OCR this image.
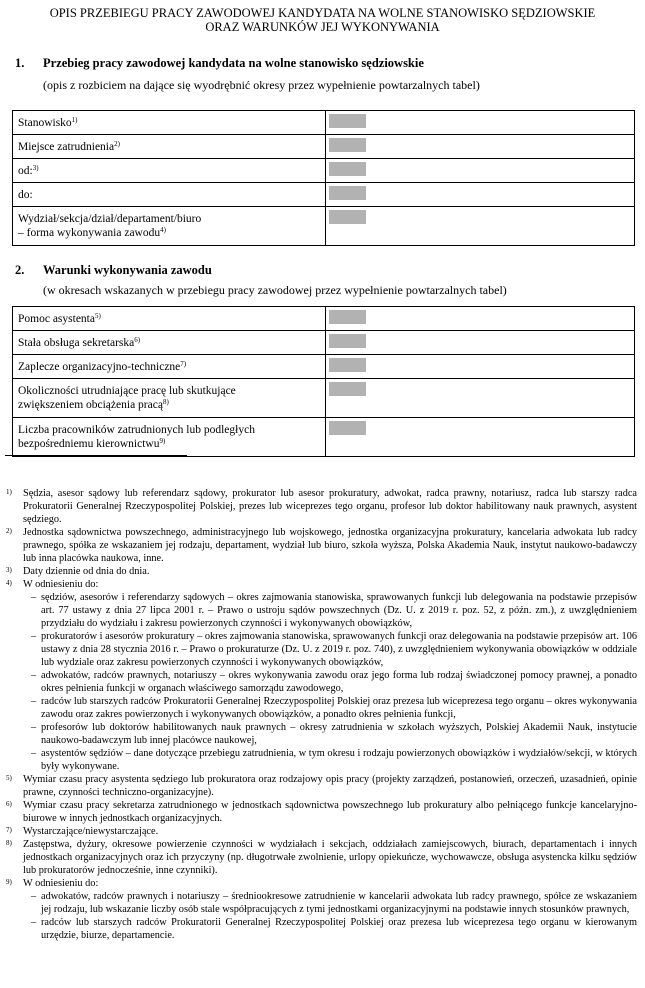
OPIS PRZEBIEGU PRACY ZAWODOWEJ KANDYDATA NA WOLNE STANOWISKO SĘDZIOWSKIE
ORAZ WARUNKÓW JEJ WYKONYWANIA
1. Przebieg pracy zawodowej kandydata na wolne stanowisko sędziowskie
(opis z rozbiciem na dające się wyodrębnić okresy przez wypełnienie powtarzalnych tabel)
Stanowisko$^{1)}$	

Miejsce zatrudnienia$^{2)}$	

od:$^{3)}$	

do:	

Wydział/sekcja/dział/departament/biuro
– forma wykonywania zawodu$^{4)}$	
2. Warunki wykonywania zawodu
(w okresach wskazanych w przebiegu pracy zawodowej przez wypełnienie powtarzalnych tabel)
Pomoc asystenta$^{5)}$	

Stała obsługa sekretarska$^{6)}$	

Zaplecze organizacyjno-techniczne$^{7)}$	

Okoliczności utrudniające pracę lub skutkujące
zwiększeniem obciążenia pracą$^{8)}$	

Liczba pracowników zatrudnionych lub podległych
bezpośredniemu kierownictwu$^{9)}$	
1) Sędzia, asesor sądowy lub referendarz sądowy, prokurator lub asesor prokuratury, adwokat, radca prawny, notariusz, radca lub starszy radca Prokuratorii Generalnej Rzeczypospolitej Polskiej, prezes lub wiceprezes tego organu, profesor lub doktor habilitowany nauk prawnych, asystent sędziego.
2) Jednostka sądownictwa powszechnego, administracyjnego lub wojskowego, jednostka organizacyjna prokuratury, kancelaria adwokata lub radcy prawnego, spółka ze wskazaniem jej rodzaju, departament, wydział lub biuro, szkoła wyższa, Polska Akademia Nauk, instytut naukowo-badawczy lub inna placówka naukowa, inne.
3) Daty dziennie od dnia do dnia.
4) W odniesieniu do:
– sędziów, asesorów i referendarzy sądowych – okres zajmowania stanowiska, sprawowanych funkcji lub delegowania na podstawie przepisów art. 77 ustawy z dnia 27 lipca 2001 r. – Prawo o ustroju sądów powszechnych (Dz. U. z 2019 r. poz. 52, z późn. zm.), z uwzględnieniem przydziału do wydziału i zakresu powierzonych czynności i wykonywanych obowiązków,
– prokuratorów i asesorów prokuratury – okres zajmowania stanowiska, sprawowanych funkcji oraz delegowania na podstawie przepisów art. 106 ustawy z dnia 28 stycznia 2016 r. – Prawo o prokuraturze (Dz. U. z 2019 r. poz. 740), z uwzględnieniem wykonywania obowiązków w oddziale lub wydziale oraz zakresu powierzonych czynności i wykonywanych obowiązków,
– adwokatów, radców prawnych, notariuszy – okres wykonywania zawodu oraz jego forma lub rodzaj świadczonej pomocy prawnej, a ponadto okres pełnienia funkcji w organach właściwego samorządu zawodowego,
– radców lub starszych radców Prokuratorii Generalnej Rzeczypospolitej Polskiej oraz prezesa lub wiceprezesa tego organu – okres wykonywania zawodu oraz zakres powierzonych i wykonywanych obowiązków, a ponadto okres pełnienia funkcji,
– profesorów lub doktorów habilitowanych nauk prawnych – okresy zatrudnienia w szkołach wyższych, Polskiej Akademii Nauk, instytucie naukowo-badawczym lub innej placówce naukowej,
– asystentów sędziów – dane dotyczące przebiegu zatrudnienia, w tym okresu i rodzaju powierzonych obowiązków i wydziałów/sekcji, w których były wykonywane.
5) Wymiar czasu pracy asystenta sędziego lub prokuratora oraz rodzajowy opis pracy (projekty zarządzeń, postanowień, orzeczeń, uzasadnień, opinie prawne, czynności techniczno-organizacyjne).
6) Wymiar czasu pracy sekretarza zatrudnionego w jednostkach sądownictwa powszechnego lub prokuratury albo pełniącego funkcje kancelaryjno-biurowe w innych jednostkach organizacyjnych.
7) Wystarczające/niewystarczające.
8) Zastępstwa, dyżury, okresowe powierzenie czynności w wydziałach i sekcjach, oddziałach zamiejscowych, biurach, departamentach i innych jednostkach organizacyjnych oraz ich przyczyny (np. długotrwałe zwolnienie, urlopy opiekuńcze, wychowawcze, obsługa asystencka kilku sędziów lub prokuratorów jednocześnie, inne czynniki).
9) W odniesieniu do:
– adwokatów, radców prawnych i notariuszy – średniookresowe zatrudnienie w kancelarii adwokata lub radcy prawnego, spółce ze wskazaniem jej rodzaju, lub wskazanie liczby osób stale współpracujących z tymi jednostkami organizacyjnymi na podstawie innych stosunków prawnych,
– radców lub starszych radców Prokuratorii Generalnej Rzeczypospolitej Polskiej oraz prezesa lub wiceprezesa tego organu w kierowanym urzędzie, biurze, departamencie.
